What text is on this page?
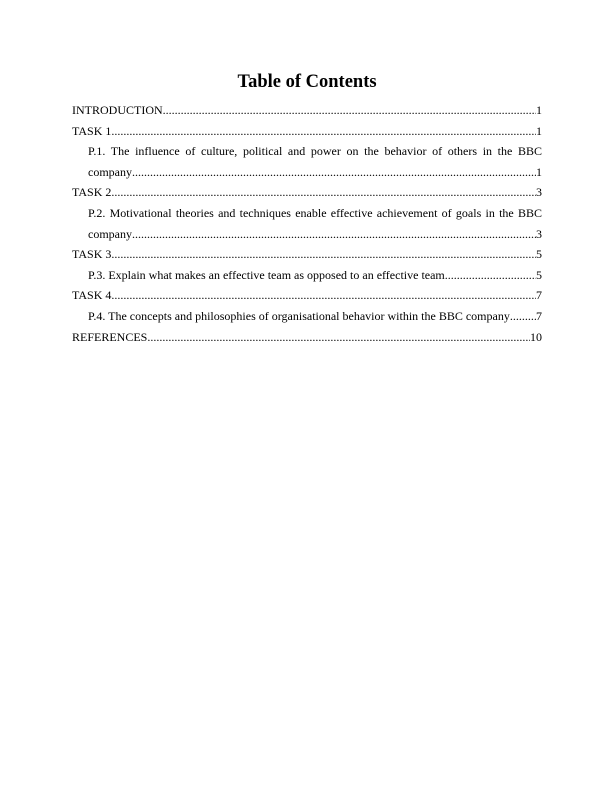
Table of Contents
INTRODUCTION .....	1
TASK 1 .....	1
P.1. The influence of culture, political and power on the behavior of others in the BBC
company .....	1
TASK 2 .....	3
P.2. Motivational theories and techniques enable effective achievement of goals in the BBC
company .....	3
TASK 3 .....	5
P.3. Explain what makes an effective team as opposed to an effective team .....	5
TASK 4 .....	7
P.4. The concepts and philosophies of organisational behavior within the BBC company ..... 7
REFERENCES .....	10
